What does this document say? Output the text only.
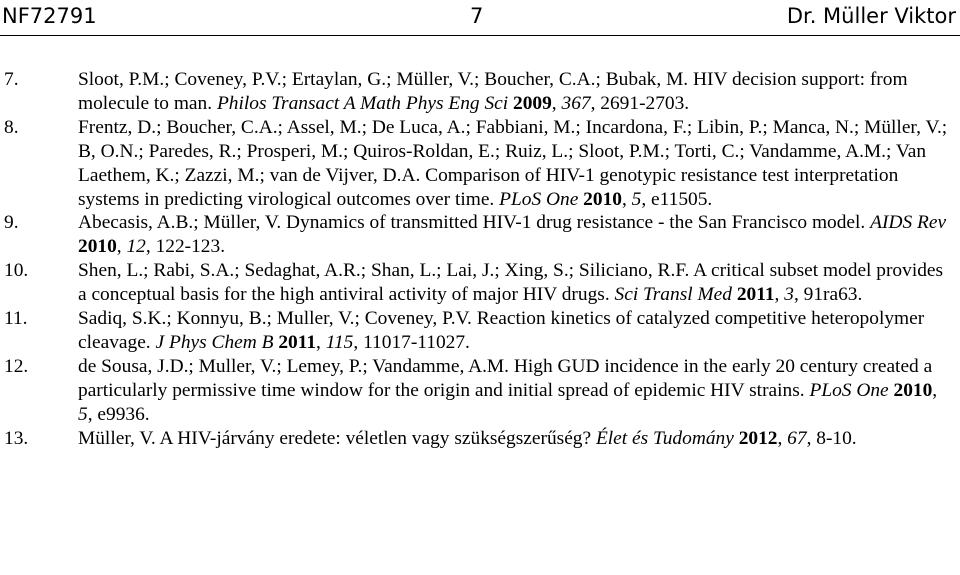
NF72791	7	Dr. Müller Viktor

7.	Sloot, P.M.; Coveney, P.V.; Ertaylan, G.; Müller, V.; Boucher, C.A.; Bubak, M. HIV decision support: from molecule to man. Philos Transact A Math Phys Eng Sci 2009, 367, 2691-2703.

8.	Frentz, D.; Boucher, C.A.; Assel, M.; De Luca, A.; Fabbiani, M.; Incardona, F.; Libin, P.; Manca, N.; Müller, V.; B, O.N.; Paredes, R.; Prosperi, M.; Quiros-Roldan, E.; Ruiz, L.; Sloot, P.M.; Torti, C.; Vandamme, A.M.; Van Laethem, K.; Zazzi, M.; van de Vijver, D.A. Comparison of HIV-1 genotypic resistance test interpretation systems in predicting virological outcomes over time. PLoS One 2010, 5, e11505.

9.	Abecasis, A.B.; Müller, V. Dynamics of transmitted HIV-1 drug resistance - the San Francisco model. AIDS Rev 2010, 12, 122-123.

10.	Shen, L.; Rabi, S.A.; Sedaghat, A.R.; Shan, L.; Lai, J.; Xing, S.; Siliciano, R.F. A critical subset model provides a conceptual basis for the high antiviral activity of major HIV drugs. Sci Transl Med 2011, 3, 91ra63.

11.	Sadiq, S.K.; Konnyu, B.; Muller, V.; Coveney, P.V. Reaction kinetics of catalyzed competitive heteropolymer cleavage. J Phys Chem B 2011, 115, 11017-11027.

12.	de Sousa, J.D.; Muller, V.; Lemey, P.; Vandamme, A.M. High GUD incidence in the early 20 century created a particularly permissive time window for the origin and initial spread of epidemic HIV strains. PLoS One 2010, 5, e9936.

13.	Müller, V. A HIV-járvány eredete: véletlen vagy szükségszerűség? Élet és Tudomány 2012, 67, 8-10.
